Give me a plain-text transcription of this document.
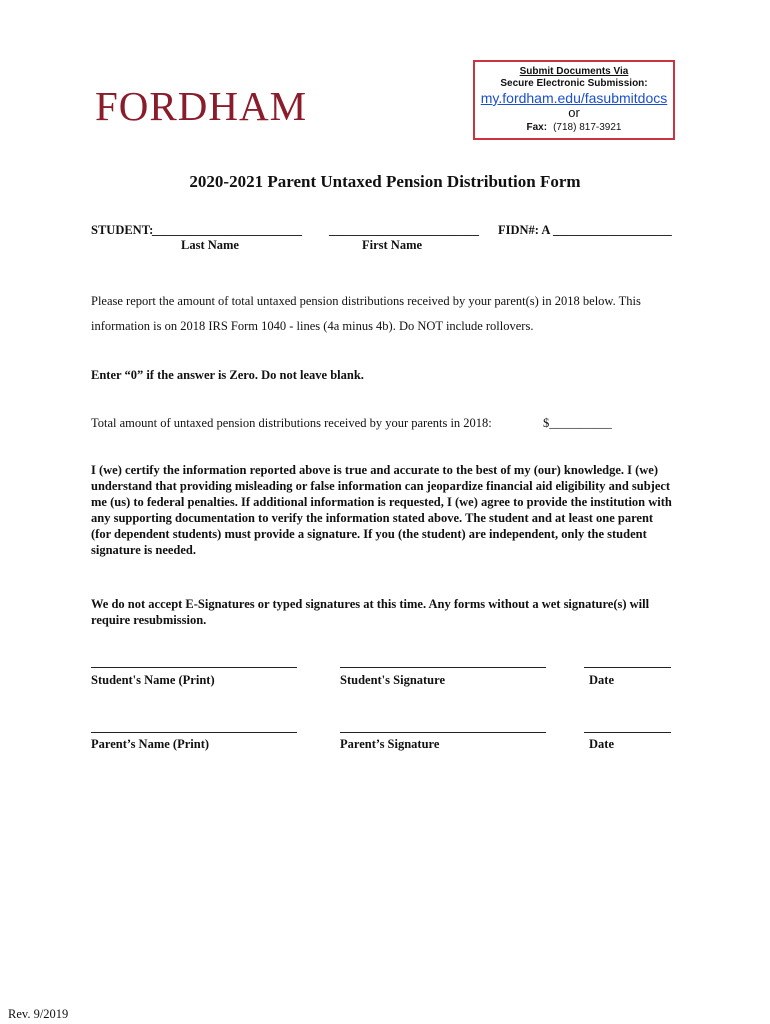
FORDHAM
Submit Documents Via
Secure Electronic Submission:
my.fordham.edu/fasubmitdocs
or
Fax: (718) 817-3921
2020-2021 Parent Untaxed Pension Distribution Form
STUDENT:
________________________ ________________________ FIDN#: A ___________________
Last Name	First Name
Please report the amount of total untaxed pension distributions received by your parent(s) in 2018 below. This
information is on 2018 IRS Form 1040 - lines (4a minus 4b). Do NOT include rollovers.
Enter “0” if the answer is Zero. Do not leave blank.
Total amount of untaxed pension distributions received by your parents in 2018:	$__________
I (we) certify the information reported above is true and accurate to the best of my (our) knowledge. I (we)
understand that providing misleading or false information can jeopardize financial aid eligibility and subject
me (us) to federal penalties. If additional information is requested, I (we) agree to provide the institution with
any supporting documentation to verify the information stated above. The student and at least one parent
(for dependent students) must provide a signature. If you (the student) are independent, only the student
signature is needed.
We do not accept E-Signatures or typed signatures at this time. Any forms without a wet signature(s) will
require resubmission.
Student's Name (Print)	Student's Signature	Date
Parent’s Name (Print)	Parent’s Signature	Date
Rev. 9/2019
